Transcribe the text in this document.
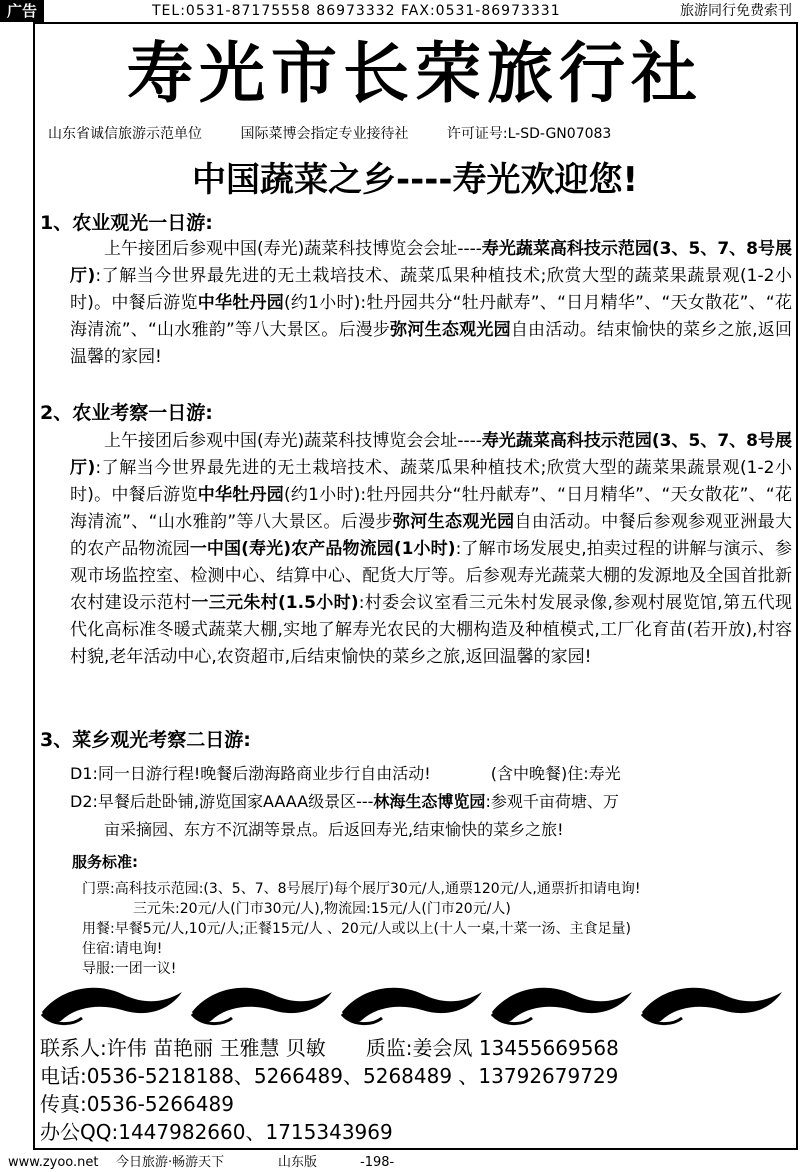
广告	TEL:0531-87175558 86973332 FAX:0531-86973331	旅游同行免费索刊
寿光市长荣旅行社
山东省诚信旅游示范单位	国际菜博会指定专业接待社	许可证号:L-SD-GN07083
中国蔬菜之乡----寿光欢迎您!
1、农业观光一日游:
上午接团后参观中国(寿光)蔬菜科技博览会会址----寿光蔬菜高科技示范园(3、5、7、8号展厅):了解当今世界最先进的无土栽培技术、蔬菜瓜果种植技术;欣赏大型的蔬菜果蔬景观(1-2小时)。中餐后游览中华牡丹园(约1小时):牡丹园共分“牡丹献寿”、“日月精华”、“天女散花”、“花海清流”、“山水雅韵”等八大景区。后漫步弥河生态观光园自由活动。结束愉快的菜乡之旅,返回温馨的家园!
2、农业考察一日游:
上午接团后参观中国(寿光)蔬菜科技博览会会址----寿光蔬菜高科技示范园(3、5、7、8号展厅):了解当今世界最先进的无土栽培技术、蔬菜瓜果种植技术;欣赏大型的蔬菜果蔬景观(1-2小时)。中餐后游览中华牡丹园(约1小时):牡丹园共分“牡丹献寿”、“日月精华”、“天女散花”、“花海清流”、“山水雅韵”等八大景区。后漫步弥河生态观光园自由活动。中餐后参观参观亚洲最大的农产品物流园一中国(寿光)农产品物流园(1小时):了解市场发展史,拍卖过程的讲解与演示、参观市场监控室、检测中心、结算中心、配货大厅等。后参观寿光蔬菜大棚的发源地及全国首批新农村建设示范村一三元朱村(1.5小时):村委会议室看三元朱村发展录像,参观村展览馆,第五代现代化高标准冬暖式蔬菜大棚,实地了解寿光农民的大棚构造及种植模式,工厂化育苗(若开放),村容村貌,老年活动中心,农资超市,后结束愉快的菜乡之旅,返回温馨的家园!
3、菜乡观光考察二日游:
D1:同一日游行程!晚餐后渤海路商业步行自由活动!	(含中晚餐)住:寿光
D2:早餐后赴卧铺,游览国家AAAA级景区---林海生态博览园:参观千亩荷塘、万
亩采摘园、东方不沉湖等景点。后返回寿光,结束愉快的菜乡之旅!
服务标准:
门票:高科技示范园:(3、5、7、8号展厅)每个展厅30元/人,通票120元/人,通票折扣请电询!
三元朱:20元/人(门市30元/人),物流园:15元/人(门市20元/人)
用餐:早餐5元/人,10元/人;正餐15元/人 、20元/人或以上(十人一桌,十菜一汤、主食足量)
住宿:请电询!
导服:一团一议!
联系人:许伟 苗艳丽 王雅慧 贝敏 质监:姜会凤 13455669568
电话:0536-5218188、5266489、5268489 、13792679729
传真:0536-5266489
办公QQ:1447982660、1715343969
www.zyoo.net 今日旅游·畅游天下	山东版	-198-
